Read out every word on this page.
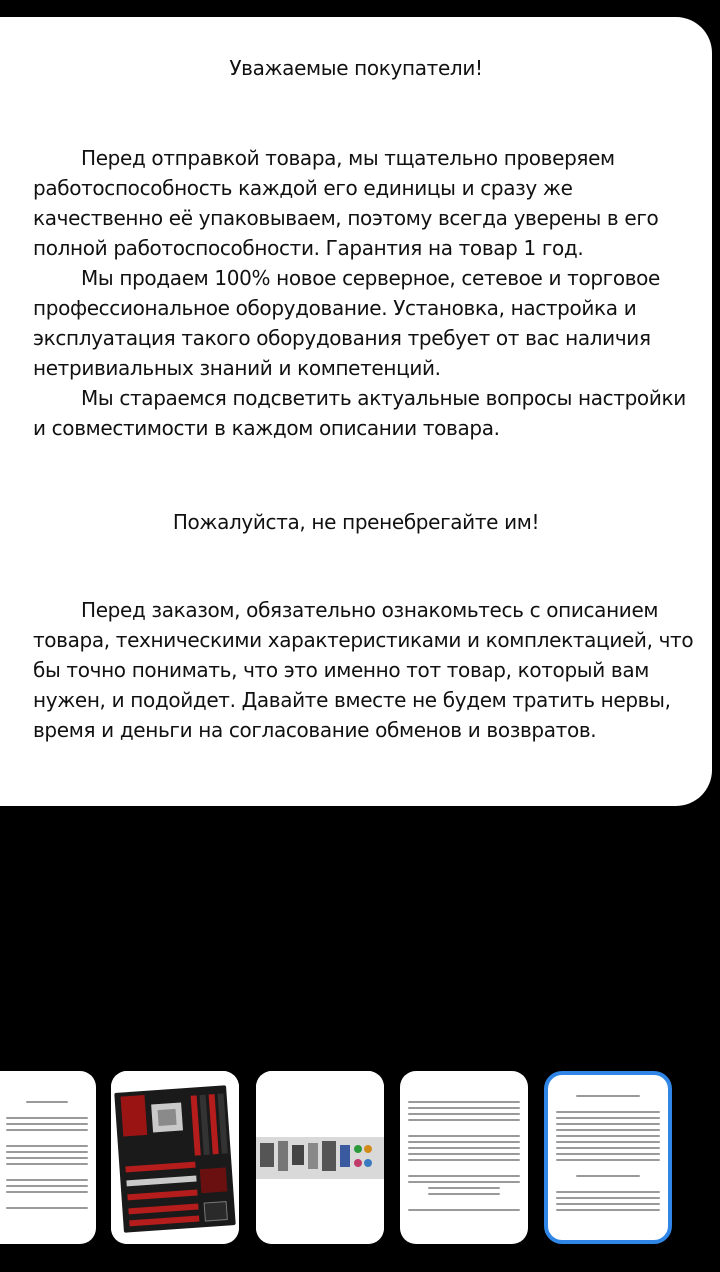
Уважаемые покупатели!

Перед отправкой товара, мы тщательно проверяем работоспособность каждой его единицы и сразу же качественно её упаковываем, поэтому всегда уверены в его полной работоспособности. Гарантия на товар 1 год.

Мы продаем 100% новое серверное, сетевое и торговое профессиональное оборудование. Установка, настройка и эксплуатация такого оборудования требует от вас наличия нетривиальных знаний и компетенций.

Мы стараемся подсветить актуальные вопросы настройки и совместимости в каждом описании товара.

Пожалуйста, не пренебрегайте им!

Перед заказом, обязательно ознакомьтесь с описанием товара, техническими характеристиками и комплектацией, что бы точно понимать, что это именно тот товар, который вам нужен, и подойдет. Давайте вместе не будем тратить нервы, время и деньги на согласование обменов и возвратов.
